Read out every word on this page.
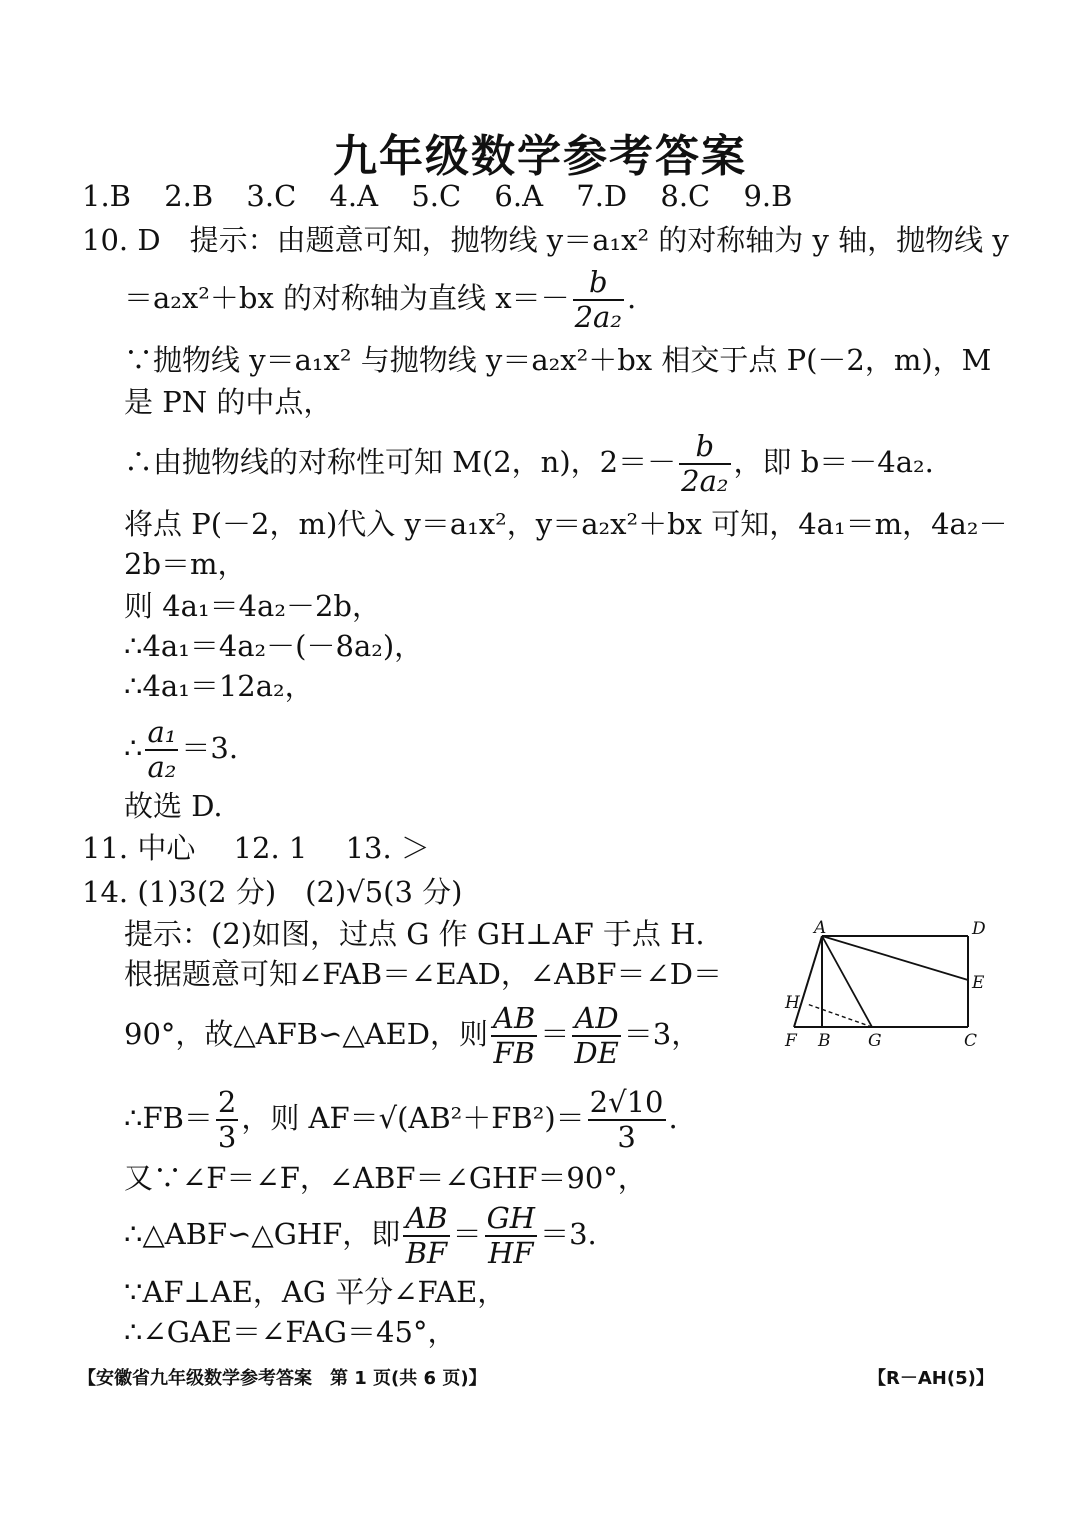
九年级数学参考答案
1.B 2.B 3.C 4.A 5.C 6.A 7.D 8.C 9.B
10. D　提示：由题意可知，抛物线 y＝a₁x² 的对称轴为 y 轴，抛物线 y
＝a₂x²＋bx 的对称轴为直线 $x=- \frac{b}{\text{2a₂}}$ .
∵抛物线 y＝a₁x² 与抛物线 y＝a₂x²＋bx 相交于点 P(－2，m)，M
是 PN 的中点，
∴由抛物线的对称性可知 M(2，n)，$2=- \frac{b}{\text{2a₂}}$ ，即 b＝－4a₂.
将点 P(－2，m)代入 y＝a₁x²，y＝a₂x²＋bx 可知，4a₁＝m，4a₂－
2b＝m，
则 4a₁＝4a₂－2b，
∴4a₁＝4a₂－(－8a₂)，
∴4a₁＝12a₂，
∴ $\frac{\text{a₁}}{\text{a₂}} =3$.
故选 D.
11. 中心　 12. 1　 13. ＞
14. (1)3(2 分)　(2)√5(3 分)
提示：(2)如图，过点 G 作 GH⊥AF 于点 H.
根据题意可知∠FAB＝∠EAD，∠ABF＝∠D＝
90°，故△AFB∽△AED，则 $\frac{AB}{FB} = \frac{AD}{DE} =3$，
∴FB＝ $\frac{2}{3}$ ，则 $AF=√(AB^2+FB^2)= \frac{2√10}{3}$ .
又∵∠F＝∠F，∠ABF＝∠GHF＝90°，
∴△ABF∽△GHF，即 $\frac{AB}{BF} = \frac{GH}{HF} =3$.
∵AF⊥AE，AG 平分∠FAE，
∴∠GAE＝∠FAG＝45°，
A	D
E
H
F B G	C
【安徽省九年级数学参考答案　第 1 页(共 6 页)】	【R－AH(5)】
